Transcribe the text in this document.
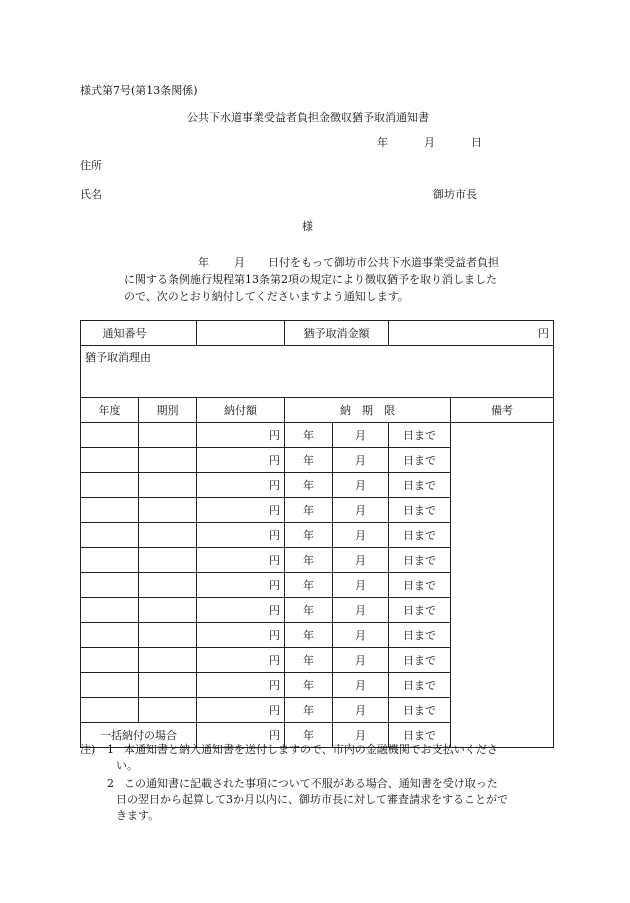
様式第7号(第13条関係)
公共下水道事業受益者負担金徴収猶予取消通知書
年	月	日
住所
氏名	御坊市長
様
年 月 日付をもって御坊市公共下水道事業受益者負担
に関する条例施行規程第13条第2項の規定により徴収猶予を取り消しました
ので、次のとおり納付してくださいますよう通知します。
通知番号			猶予取消金額		円	
猶予取消理由						
年度	期別	納付額	納　期　限			備考
		円	年	月	日まで	
		円	年	月	日まで	
		円	年	月	日まで	
		円	年	月	日まで	
		円	年	月	日まで	
		円	年	月	日まで	
		円	年	月	日まで	
		円	年	月	日まで	
		円	年	月	日まで	
		円	年	月	日まで	
		円	年	月	日まで	
		円	年	月	日まで	
一括納付の場合		円	年	月	日まで	
注) 1 本通知書と納入通知書を送付しますので、市内の金融機関でお支払いくださ
い。
2 この通知書に記載された事項について不服がある場合、通知書を受け取った
日の翌日から起算して3か月以内に、御坊市長に対して審査請求をすることがで
きます。
